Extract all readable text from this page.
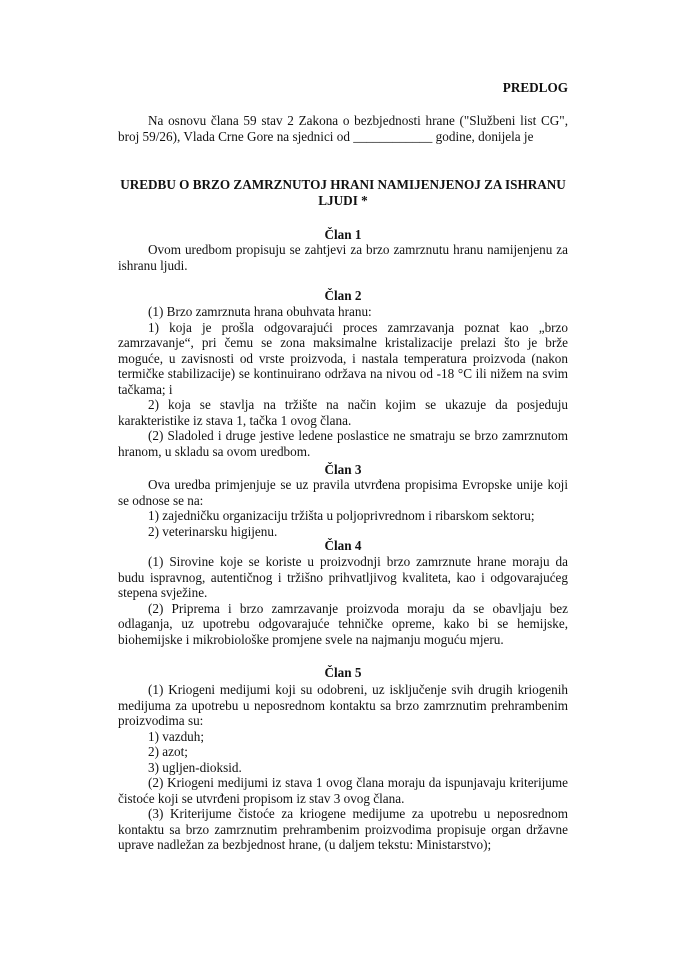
PREDLOG

Na osnovu člana 59 stav 2 Zakona o bezbjednosti hrane ("Službeni list CG", broj 59/26), Vlada Crne Gore na sjednici od ____________ godine, donijela je

UREDBU O BRZO ZAMRZNUTOJ HRANI NAMIJENJENOJ ZA ISHRANU LJUDI *
Član 1

Ovom uredbom propisuju se zahtjevi za brzo zamrznutu hranu namijenjenu za ishranu ljudi.

Član 2

(1) Brzo zamrznuta hrana obuhvata hranu:

1) koja je prošla odgovarajući proces zamrzavanja poznat kao „brzo zamrzavanje“, pri čemu se zona maksimalne kristalizacije prelazi što je brže moguće, u zavisnosti od vrste proizvoda, i nastala temperatura proizvoda (nakon termičke stabilizacije) se kontinuirano održava na nivou od -18 °C ili nižem na svim tačkama; i

2) koja se stavlja na tržište na način kojim se ukazuje da posjeduju karakteristike iz stava 1, tačka 1 ovog člana.

(2) Sladoled i druge jestive ledene poslastice ne smatraju se brzo zamrznutom hranom, u skladu sa ovom uredbom.

Član 3

Ova uredba primjenjuje se uz pravila utvrđena propisima Evropske unije koji se odnose se na:

1) zajedničku organizaciju tržišta u poljoprivrednom i ribarskom sektoru;

2) veterinarsku higijenu.

Član 4

(1) Sirovine koje se koriste u proizvodnji brzo zamrznute hrane moraju da budu ispravnog, autentičnog i tržišno prihvatljivog kvaliteta, kao i odgovarajućeg stepena svježine.

(2) Priprema i brzo zamrzavanje proizvoda moraju da se obavljaju bez odlaganja, uz upotrebu odgovarajuće tehničke opreme, kako bi se hemijske, biohemijske i mikrobiološke promjene svele na najmanju moguću mjeru.

Član 5

(1) Kriogeni medijumi koji su odobreni, uz isključenje svih drugih kriogenih medijuma za upotrebu u neposrednom kontaktu sa brzo zamrznutim prehrambenim proizvodima su:

1) vazduh;

2) azot;

3) ugljen-dioksid.

(2) Kriogeni medijumi iz stava 1 ovog člana moraju da ispunjavaju kriterijume čistoće koji se utvrđeni propisom iz stav 3 ovog člana.

(3) Kriterijume čistoće za kriogene medijume za upotrebu u neposrednom kontaktu sa brzo zamrznutim prehrambenim proizvodima propisuje organ državne uprave nadležan za bezbjednost hrane, (u daljem tekstu: Ministarstvo);
